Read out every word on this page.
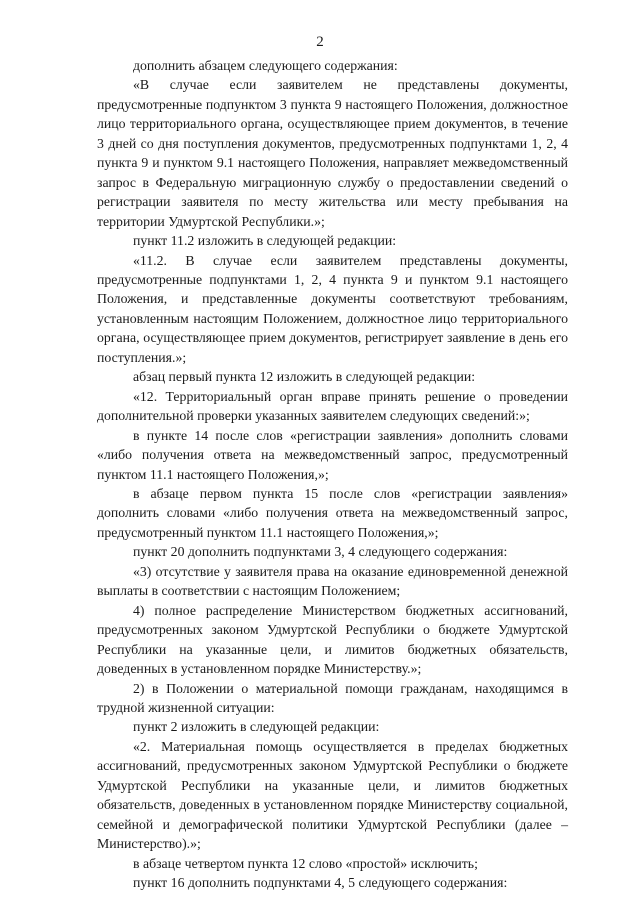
2

дополнить абзацем следующего содержания:

«В случае если заявителем не представлены документы, предусмотренные подпунктом 3 пункта 9 настоящего Положения, должностное лицо территориального органа, осуществляющее прием документов, в течение 3 дней со дня поступления документов, предусмотренных подпунктами 1, 2, 4 пункта 9 и пунктом 9.1 настоящего Положения, направляет межведомственный запрос в Федеральную миграционную службу о предоставлении сведений о регистрации заявителя по месту жительства или месту пребывания на территории Удмуртской Республики.»;

пункт 11.2 изложить в следующей редакции:

«11.2. В случае если заявителем представлены документы, предусмотренные подпунктами 1, 2, 4 пункта 9 и пунктом 9.1 настоящего Положения, и представленные документы соответствуют требованиям, установленным настоящим Положением, должностное лицо территориального органа, осуществляющее прием документов, регистрирует заявление в день его поступления.»;

абзац первый пункта 12 изложить в следующей редакции:

«12. Территориальный орган вправе принять решение о проведении дополнительной проверки указанных заявителем следующих сведений:»;

в пункте 14 после слов «регистрации заявления» дополнить словами «либо получения ответа на межведомственный запрос, предусмотренный пунктом 11.1 настоящего Положения,»;

в абзаце первом пункта 15 после слов «регистрации заявления» дополнить словами «либо получения ответа на межведомственный запрос, предусмотренный пунктом 11.1 настоящего Положения,»;

пункт 20 дополнить подпунктами 3, 4 следующего содержания:

«3) отсутствие у заявителя права на оказание единовременной денежной выплаты в соответствии с настоящим Положением;

4) полное распределение Министерством бюджетных ассигнований, предусмотренных законом Удмуртской Республики о бюджете Удмуртской Республики на указанные цели, и лимитов бюджетных обязательств, доведенных в установленном порядке Министерству.»;

2) в Положении о материальной помощи гражданам, находящимся в трудной жизненной ситуации:

пункт 2 изложить в следующей редакции:

«2. Материальная помощь осуществляется в пределах бюджетных ассигнований, предусмотренных законом Удмуртской Республики о бюджете Удмуртской Республики на указанные цели, и лимитов бюджетных обязательств, доведенных в установленном порядке Министерству социальной, семейной и демографической политики Удмуртской Республики (далее – Министерство).»;

в абзаце четвертом пункта 12 слово «простой» исключить;

пункт 16 дополнить подпунктами 4, 5 следующего содержания:
